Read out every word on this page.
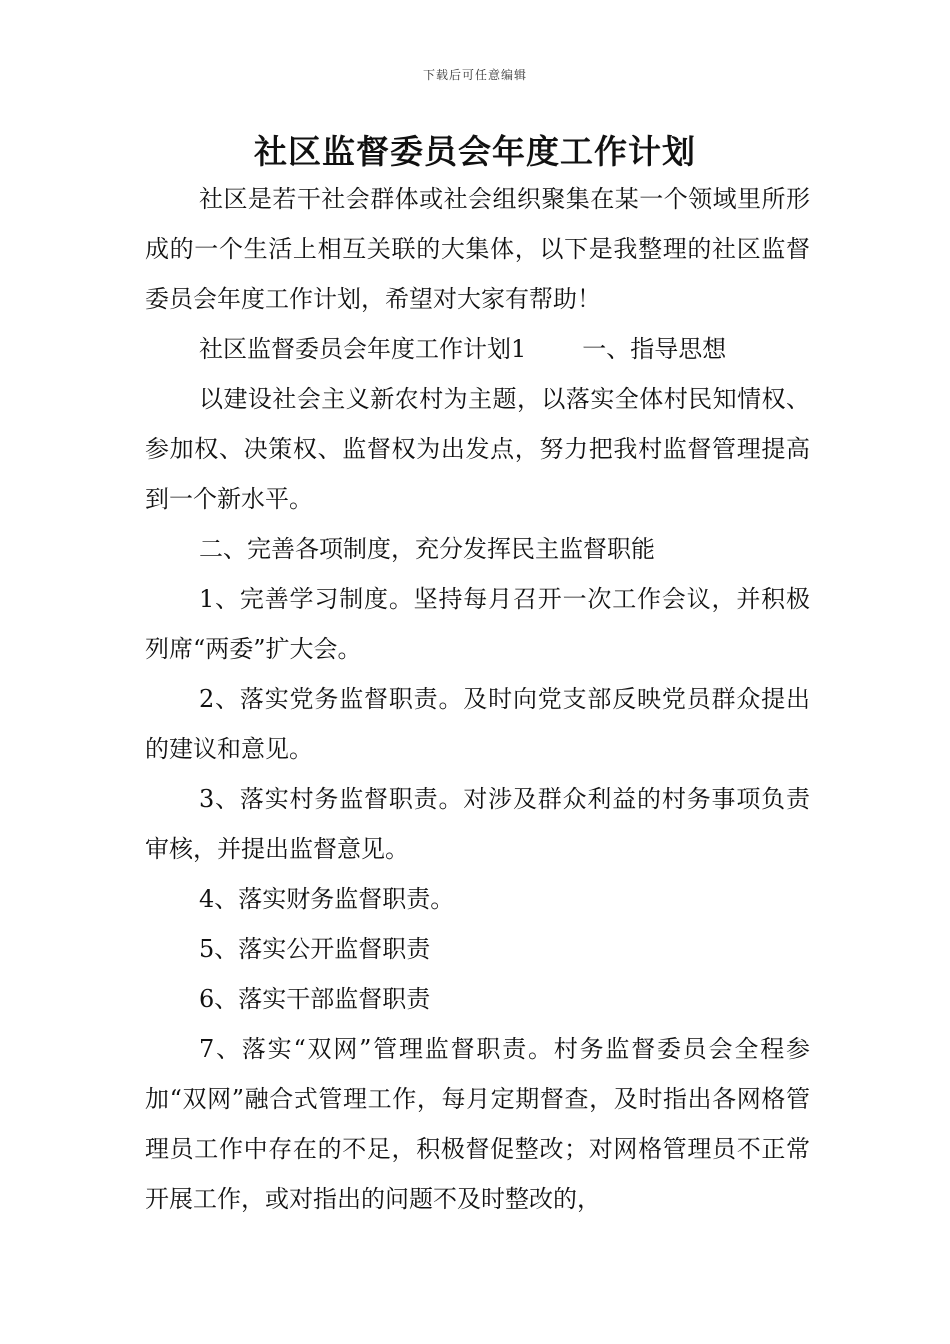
下载后可任意编辑
社区监督委员会年度工作计划

社区是若干社会群体或社会组织聚集在某一个领域里所形成的一个生活上相互关联的大集体，以下是我整理的社区监督委员会年度工作计划，希望对大家有帮助！

社区监督委员会年度工作计划1 一、指导思想

以建设社会主义新农村为主题，以落实全体村民知情权、参加权、决策权、监督权为出发点，努力把我村监督管理提高到一个新水平。

二、完善各项制度，充分发挥民主监督职能

1、完善学习制度。坚持每月召开一次工作会议，并积极列席“两委”扩大会。

2、落实党务监督职责。及时向党支部反映党员群众提出的建议和意见。

3、落实村务监督职责。对涉及群众利益的村务事项负责审核，并提出监督意见。

4、落实财务监督职责。

5、落实公开监督职责

6、落实干部监督职责

7、落实“双网”管理监督职责。村务监督委员会全程参加“双网”融合式管理工作，每月定期督查，及时指出各网格管理员工作中存在的不足，积极督促整改；对网格管理员不正常开展工作，或对指出的问题不及时整改的，
